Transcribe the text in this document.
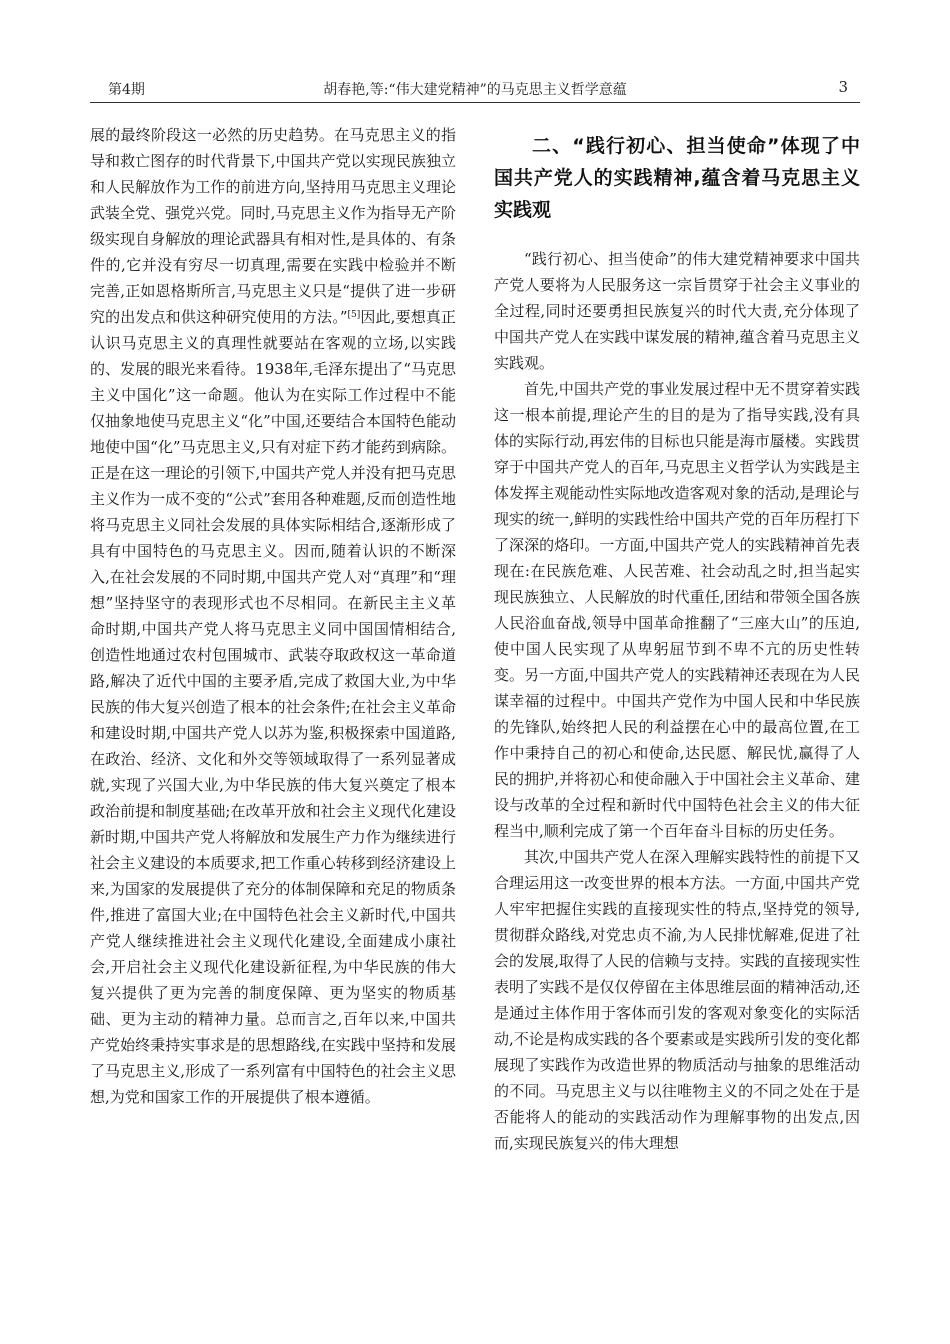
第4期	胡春艳,等:“伟大建党精神”的马克思主义哲学意蕴	3

展的最终阶段这一必然的历史趋势。在马克思主义的指导和救亡图存的时代背景下,中国共产党以实现民族独立和人民解放作为工作的前进方向,坚持用马克思主义理论武装全党、强党兴党。同时,马克思主义作为指导无产阶级实现自身解放的理论武器具有相对性,是具体的、有条件的,它并没有穷尽一切真理,需要在实践中检验并不断完善,正如恩格斯所言,马克思主义只是“提供了进一步研究的出发点和供这种研究使用的方法。”[5]因此,要想真正认识马克思主义的真理性就要站在客观的立场,以实践的、发展的眼光来看待。1938年,毛泽东提出了“马克思主义中国化”这一命题。他认为在实际工作过程中不能仅抽象地使马克思主义“化”中国,还要结合本国特色能动地使中国“化”马克思主义,只有对症下药才能药到病除。正是在这一理论的引领下,中国共产党人并没有把马克思主义作为一成不变的“公式”套用各种难题,反而创造性地将马克思主义同社会发展的具体实际相结合,逐渐形成了具有中国特色的马克思主义。因而,随着认识的不断深入,在社会发展的不同时期,中国共产党人对“真理”和“理想”坚持坚守的表现形式也不尽相同。在新民主主义革命时期,中国共产党人将马克思主义同中国国情相结合,创造性地通过农村包围城市、武装夺取政权这一革命道路,解决了近代中国的主要矛盾,完成了救国大业,为中华民族的伟大复兴创造了根本的社会条件;在社会主义革命和建设时期,中国共产党人以苏为鉴,积极探索中国道路,在政治、经济、文化和外交等领域取得了一系列显著成就,实现了兴国大业,为中华民族的伟大复兴奠定了根本政治前提和制度基础;在改革开放和社会主义现代化建设新时期,中国共产党人将解放和发展生产力作为继续进行社会主义建设的本质要求,把工作重心转移到经济建设上来,为国家的发展提供了充分的体制保障和充足的物质条件,推进了富国大业;在中国特色社会主义新时代,中国共产党人继续推进社会主义现代化建设,全面建成小康社会,开启社会主义现代化建设新征程,为中华民族的伟大复兴提供了更为完善的制度保障、更为坚实的物质基础、更为主动的精神力量。总而言之,百年以来,中国共产党始终秉持实事求是的思想路线,在实践中坚持和发展了马克思主义,形成了一系列富有中国特色的社会主义思想,为党和国家工作的开展提供了根本遵循。

二、“践行初心、担当使命”体现了中国共产党人的实践精神,蕴含着马克思主义实践观

“践行初心、担当使命”的伟大建党精神要求中国共产党人要将为人民服务这一宗旨贯穿于社会主义事业的全过程,同时还要勇担民族复兴的时代大责,充分体现了中国共产党人在实践中谋发展的精神,蕴含着马克思主义实践观。

首先,中国共产党的事业发展过程中无不贯穿着实践这一根本前提,理论产生的目的是为了指导实践,没有具体的实际行动,再宏伟的目标也只能是海市蜃楼。实践贯穿于中国共产党人的百年,马克思主义哲学认为实践是主体发挥主观能动性实际地改造客观对象的活动,是理论与现实的统一,鲜明的实践性给中国共产党的百年历程打下了深深的烙印。一方面,中国共产党人的实践精神首先表现在:在民族危难、人民苦难、社会动乱之时,担当起实现民族独立、人民解放的时代重任,团结和带领全国各族人民浴血奋战,领导中国革命推翻了“三座大山”的压迫,使中国人民实现了从卑躬屈节到不卑不亢的历史性转变。另一方面,中国共产党人的实践精神还表现在为人民谋幸福的过程中。中国共产党作为中国人民和中华民族的先锋队,始终把人民的利益摆在心中的最高位置,在工作中秉持自己的初心和使命,达民愿、解民忧,赢得了人民的拥护,并将初心和使命融入于中国社会主义革命、建设与改革的全过程和新时代中国特色社会主义的伟大征程当中,顺利完成了第一个百年奋斗目标的历史任务。

其次,中国共产党人在深入理解实践特性的前提下又合理运用这一改变世界的根本方法。一方面,中国共产党人牢牢把握住实践的直接现实性的特点,坚持党的领导,贯彻群众路线,对党忠贞不渝,为人民排忧解难,促进了社会的发展,取得了人民的信赖与支持。实践的直接现实性表明了实践不是仅仅停留在主体思维层面的精神活动,还是通过主体作用于客体而引发的客观对象变化的实际活动,不论是构成实践的各个要素或是实践所引发的变化都展现了实践作为改造世界的物质活动与抽象的思维活动的不同。马克思主义与以往唯物主义的不同之处在于是否能将人的能动的实践活动作为理解事物的出发点,因而,实现民族复兴的伟大理想
